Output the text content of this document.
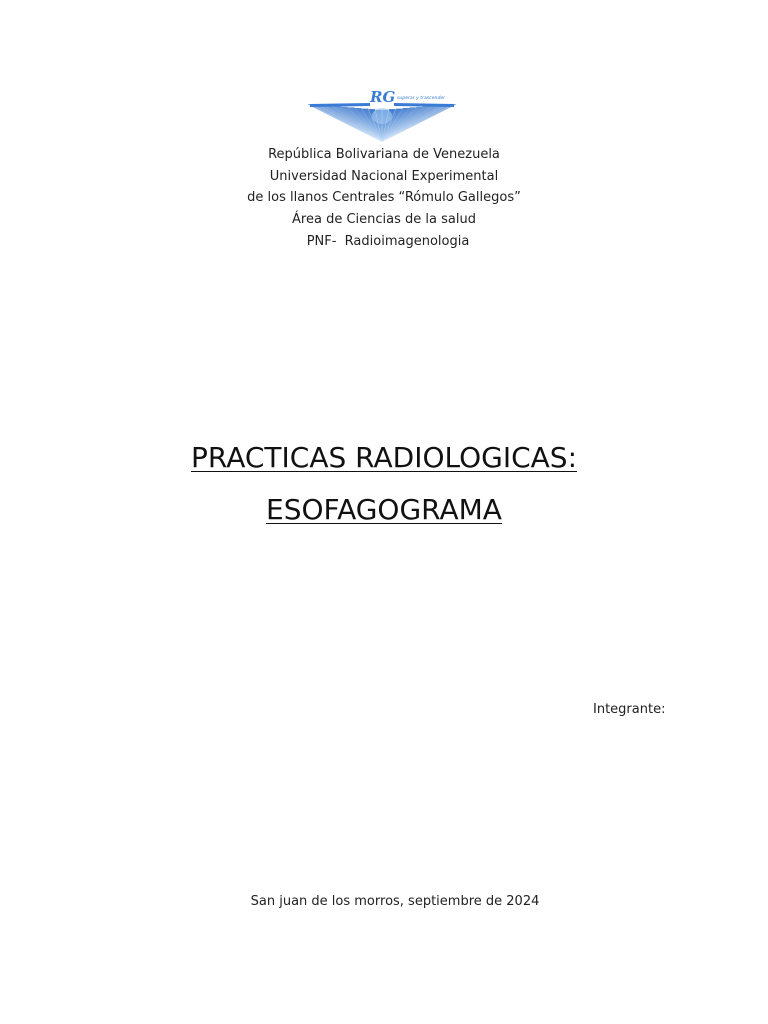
RG superar y trascender
República Bolivariana de Venezuela
Universidad Nacional Experimental
de los llanos Centrales “Rómulo Gallegos”
Área de Ciencias de la salud
PNF-  Radioimagenologia
PRACTICAS RADIOLOGICAS:
ESOFAGOGRAMA
Integrante:
San juan de los morros, septiembre de 2024
